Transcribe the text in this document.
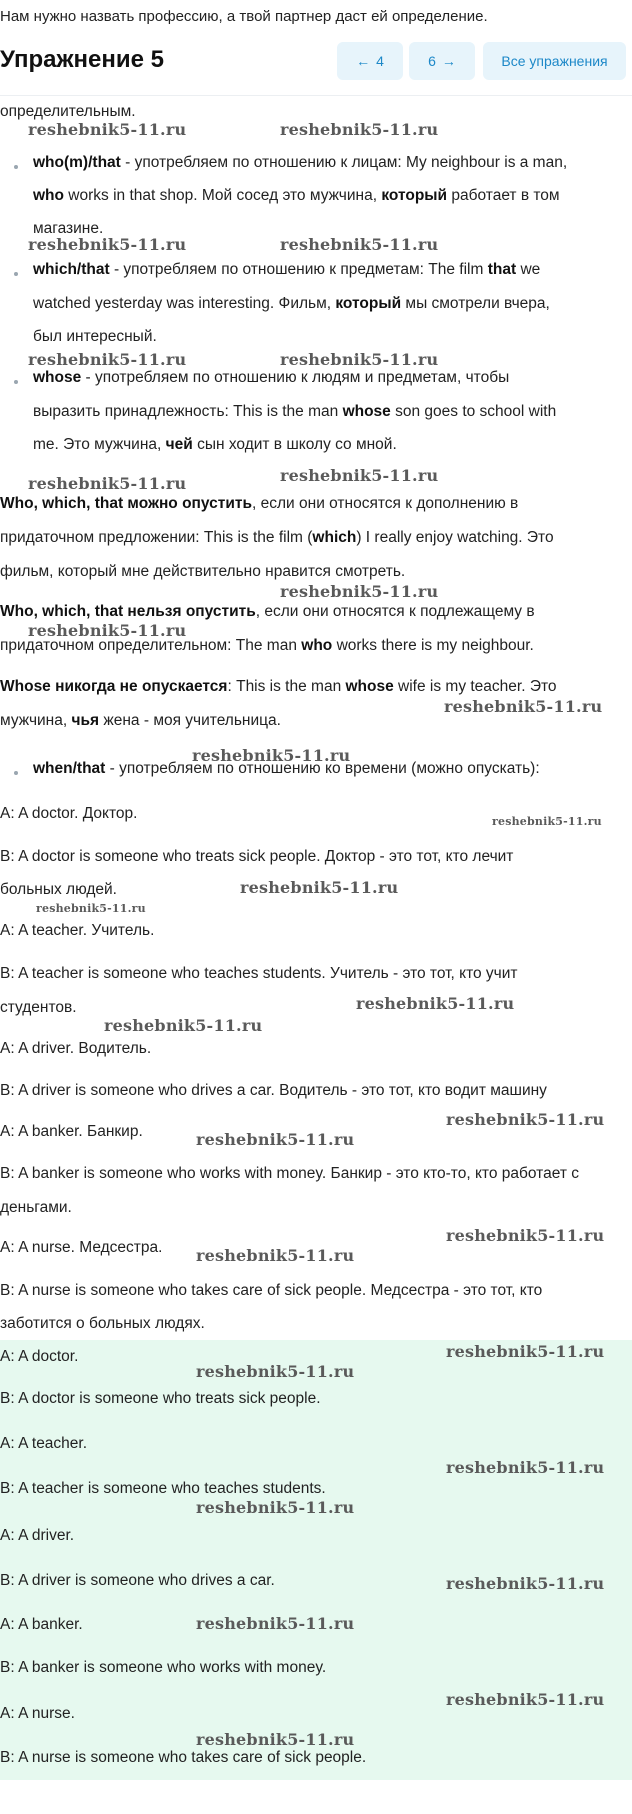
Нам нужно назвать профессию, а твой партнер даст ей определение.
Упражнение 5	← 4	6 →	Все упражнения
определительным.
who(m)/that - употребляем по отношению к лицам: My neighbour is a man,
who works in that shop. Мой сосед это мужчина, который работает в том
магазине.
which/that - употребляем по отношению к предметам: The film that we
watched yesterday was interesting. Фильм, который мы смотрели вчера,
был интересный.
whose - употребляем по отношению к людям и предметам, чтобы
выразить принадлежность: This is the man whose son goes to school with
me. Это мужчина, чей сын ходит в школу со мной.
Who, which, that можно опустить, если они относятся к дополнению в
придаточном предложении: This is the film (which) I really enjoy watching. Это
фильм, который мне действительно нравится смотреть.
Who, which, that нельзя опустить, если они относятся к подлежащему в
придаточном определительном: The man who works there is my neighbour.
Whose никогда не опускается: This is the man whose wife is my teacher. Это
мужчина, чья жена - моя учительница.
when/that - употребляем по отношению ко времени (можно опускать):
A: A doctor. Доктор.
B: A doctor is someone who treats sick people. Доктор - это тот, кто лечит
больных людей.
A: A teacher. Учитель.
B: A teacher is someone who teaches students. Учитель - это тот, кто учит
студентов.
A: A driver. Водитель.
B: A driver is someone who drives a car. Водитель - это тот, кто водит машину
A: A banker. Банкир.
B: A banker is someone who works with money. Банкир - это кто-то, кто работает с
деньгами.
A: A nurse. Медсестра.
B: A nurse is someone who takes care of sick people. Медсестра - это тот, кто
заботится о больных людях.
A: A doctor.
B: A doctor is someone who treats sick people.
A: A teacher.
B: A teacher is someone who teaches students.
A: A driver.
B: A driver is someone who drives a car.
A: A banker.
B: A banker is someone who works with money.
A: A nurse.
B: A nurse is someone who takes care of sick people.
reshebnik5-11.ru	reshebnik5-11.ru
reshebnik5-11.ru	reshebnik5-11.ru
reshebnik5-11.ru	reshebnik5-11.ru
reshebnik5-11.ru	reshebnik5-11.ru
reshebnik5-11.ru
reshebnik5-11.ru
reshebnik5-11.ru
reshebnik5-11.ru
reshebnik5-11.ru
reshebnik5-11.ru
reshebnik5-11.ru
reshebnik5-11.ru
reshebnik5-11.ru
reshebnik5-11.ru
reshebnik5-11.ru
reshebnik5-11.ru
reshebnik5-11.ru
reshebnik5-11.ru
reshebnik5-11.ru
reshebnik5-11.ru
reshebnik5-11.ru
reshebnik5-11.ru
reshebnik5-11.ru
reshebnik5-11.ru
reshebnik5-11.ru
